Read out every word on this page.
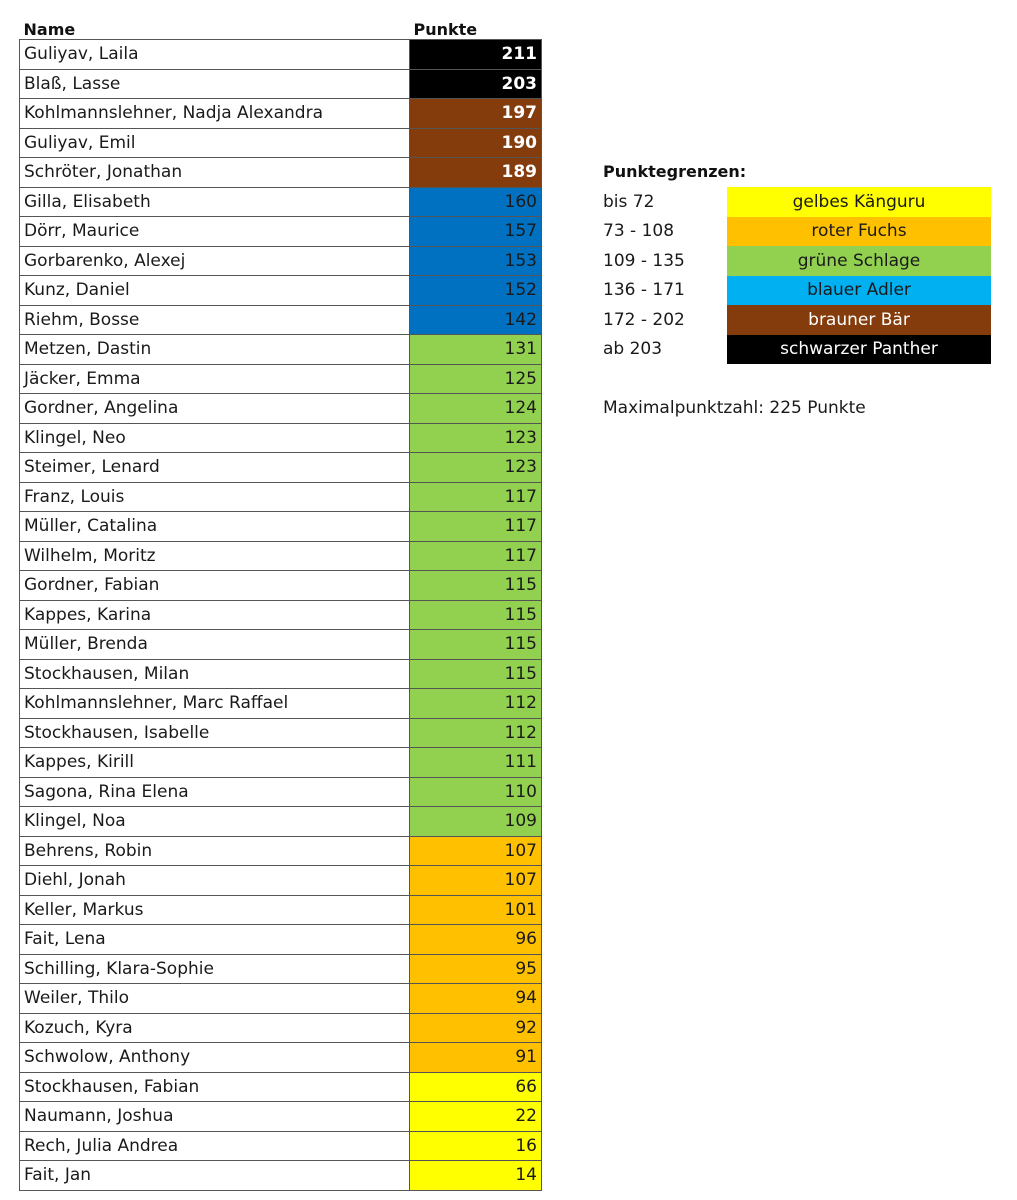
Name	Punkte
Guliyav, Laila	211
Blaß, Lasse	203
Kohlmannslehner, Nadja Alexandra	197
Guliyav, Emil	190
Schröter, Jonathan	189
Gilla, Elisabeth	160
Dörr, Maurice	157
Gorbarenko, Alexej	153
Kunz, Daniel	152
Riehm, Bosse	142
Metzen, Dastin	131
Jäcker, Emma	125
Gordner, Angelina	124
Klingel, Neo	123
Steimer, Lenard	123
Franz, Louis	117
Müller, Catalina	117
Wilhelm, Moritz	117
Gordner, Fabian	115
Kappes, Karina	115
Müller, Brenda	115
Stockhausen, Milan	115
Kohlmannslehner, Marc Raffael	112
Stockhausen, Isabelle	112
Kappes, Kirill	111
Sagona, Rina Elena	110
Klingel, Noa	109
Behrens, Robin	107
Diehl, Jonah	107
Keller, Markus	101
Fait, Lena	96
Schilling, Klara-Sophie	95
Weiler, Thilo	94
Kozuch, Kyra	92
Schwolow, Anthony	91
Stockhausen, Fabian	66
Naumann, Joshua	22
Rech, Julia Andrea	16
Fait, Jan	14
Punktegrenzen:
bis 72	gelbes Känguru
73 - 108	roter Fuchs
109 - 135	grüne Schlage
136 - 171	blauer Adler
172 - 202	brauner Bär
ab 203	schwarzer Panther
Maximalpunktzahl: 225 Punkte
